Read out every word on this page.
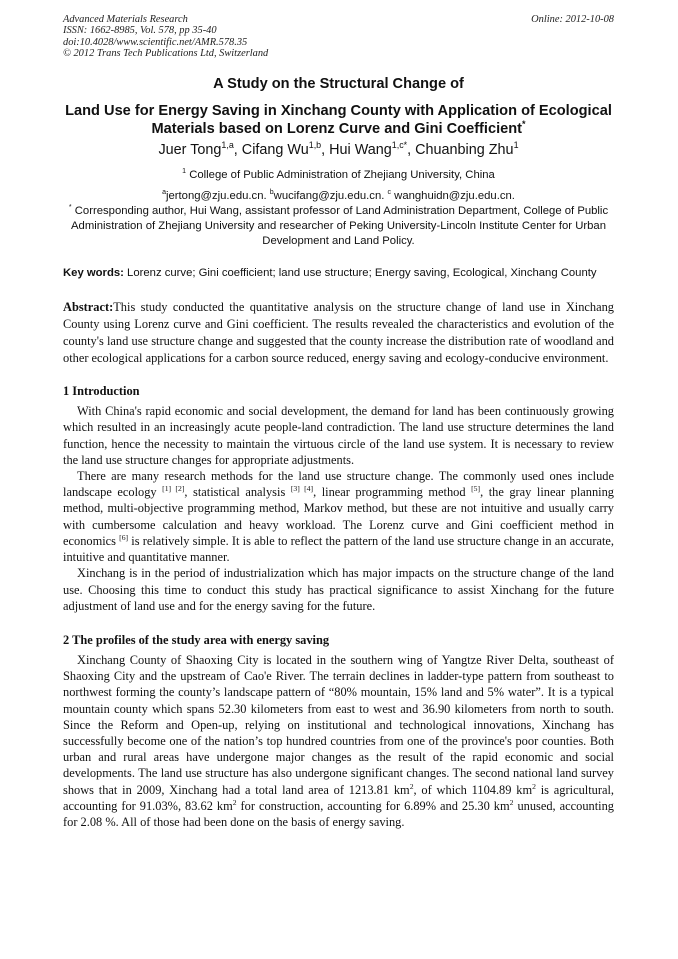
Advanced Materials Research
ISSN: 1662-8985, Vol. 578, pp 35-40
doi:10.4028/www.scientific.net/AMR.578.35
© 2012 Trans Tech Publications Ltd, Switzerland
Online: 2012-10-08
A Study on the Structural Change of
Land Use for Energy Saving in Xinchang County with Application of Ecological Materials based on Lorenz Curve and Gini Coefficient*
Juer Tong$^{1,a}$, Cifang Wu$^{1,b}$, Hui Wang$^{1,c*}$, Chuanbing Zhu$^1$
$^1$ College of Public Administration of Zhejiang University, China
$^a$jertong@zju.edu.cn. $^b$wucifang@zju.edu.cn. $^c$ wanghuidn@zju.edu.cn.
* Corresponding author, Hui Wang, assistant professor of Land Administration Department, College of Public Administration of Zhejiang University and researcher of Peking University-Lincoln Institute Center for Urban Development and Land Policy.
Key words: Lorenz curve; Gini coefficient; land use structure; Energy saving, Ecological, Xinchang County
Abstract:This study conducted the quantitative analysis on the structure change of land use in Xinchang County using Lorenz curve and Gini coefficient. The results revealed the characteristics and evolution of the county's land use structure change and suggested that the county increase the distribution rate of woodland and other ecological applications for a carbon source reduced, energy saving and ecology-conducive environment.
1 Introduction

With China's rapid economic and social development, the demand for land has been continuously growing which resulted in an increasingly acute people-land contradiction. The land use structure determines the land function, hence the necessity to maintain the virtuous circle of the land use system. It is necessary to review the land use structure changes for appropriate adjustments.

There are many research methods for the land use structure change. The commonly used ones include landscape ecology [1] [2], statistical analysis [3] [4], linear programming method [5], the gray linear planning method, multi-objective programming method, Markov method, but these are not intuitive and usually carry with cumbersome calculation and heavy workload. The Lorenz curve and Gini coefficient method in economics [6] is relatively simple. It is able to reflect the pattern of the land use structure change in an accurate, intuitive and quantitative manner.

Xinchang is in the period of industrialization which has major impacts on the structure change of the land use. Choosing this time to conduct this study has practical significance to assist Xinchang for the future adjustment of land use and for the energy saving for the future.

2 The profiles of the study area with energy saving

Xinchang County of Shaoxing City is located in the southern wing of Yangtze River Delta, southeast of Shaoxing City and the upstream of Cao'e River. The terrain declines in ladder-type pattern from southeast to northwest forming the county’s landscape pattern of “80% mountain, 15% land and 5% water”. It is a typical mountain county which spans 52.30 kilometers from east to west and 36.90 kilometers from north to south. Since the Reform and Open-up, relying on institutional and technological innovations, Xinchang has successfully become one of the nation’s top hundred countries from one of the province's poor counties. Both urban and rural areas have undergone major changes as the result of the rapid economic and social developments. The land use structure has also undergone significant changes. The second national land survey shows that in 2009, Xinchang had a total land area of 1213.81 $km^2$, of which 1104.89 $km^2$ is agricultural, accounting for 91.03%, 83.62 $km^2$ for construction, accounting for 6.89% and 25.30 $km^2$ unused, accounting for 2.08 %. All of those had been done on the basis of energy saving.
